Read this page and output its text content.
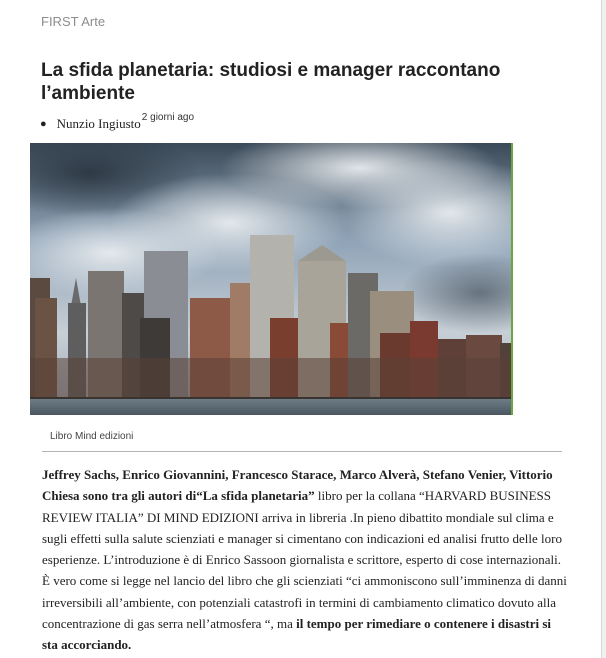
FIRST Arte
La sfida planetaria: studiosi e manager raccontano l’ambiente
● Nunzio Ingiusto 2 giorni ago
Libro Mind edizioni

Jeffrey Sachs, Enrico Giovannini, Francesco Starace, Marco Alverà, Stefano Venier, Vittorio Chiesa sono tra gli autori di“La sfida planetaria” libro per la collana “HARVARD BUSINESS REVIEW ITALIA” DI MIND EDIZIONI arriva in libreria .In pieno dibattito mondiale sul clima e sugli effetti sulla salute scienziati e manager si cimentano con indicazioni ed analisi frutto delle loro esperienze. L’introduzione è di Enrico Sassoon giornalista e scrittore, esperto di cose internazionali. È vero come si legge nel lancio del libro che gli scienziati “ci ammoniscono sull’imminenza di danni irreversibili all’ambiente, con potenziali catastrofi in termini di cambiamento climatico dovuto alla concentrazione di gas serra nell’atmosfera “, ma il tempo per rimediare o contenere i disastri si sta accorciando.
